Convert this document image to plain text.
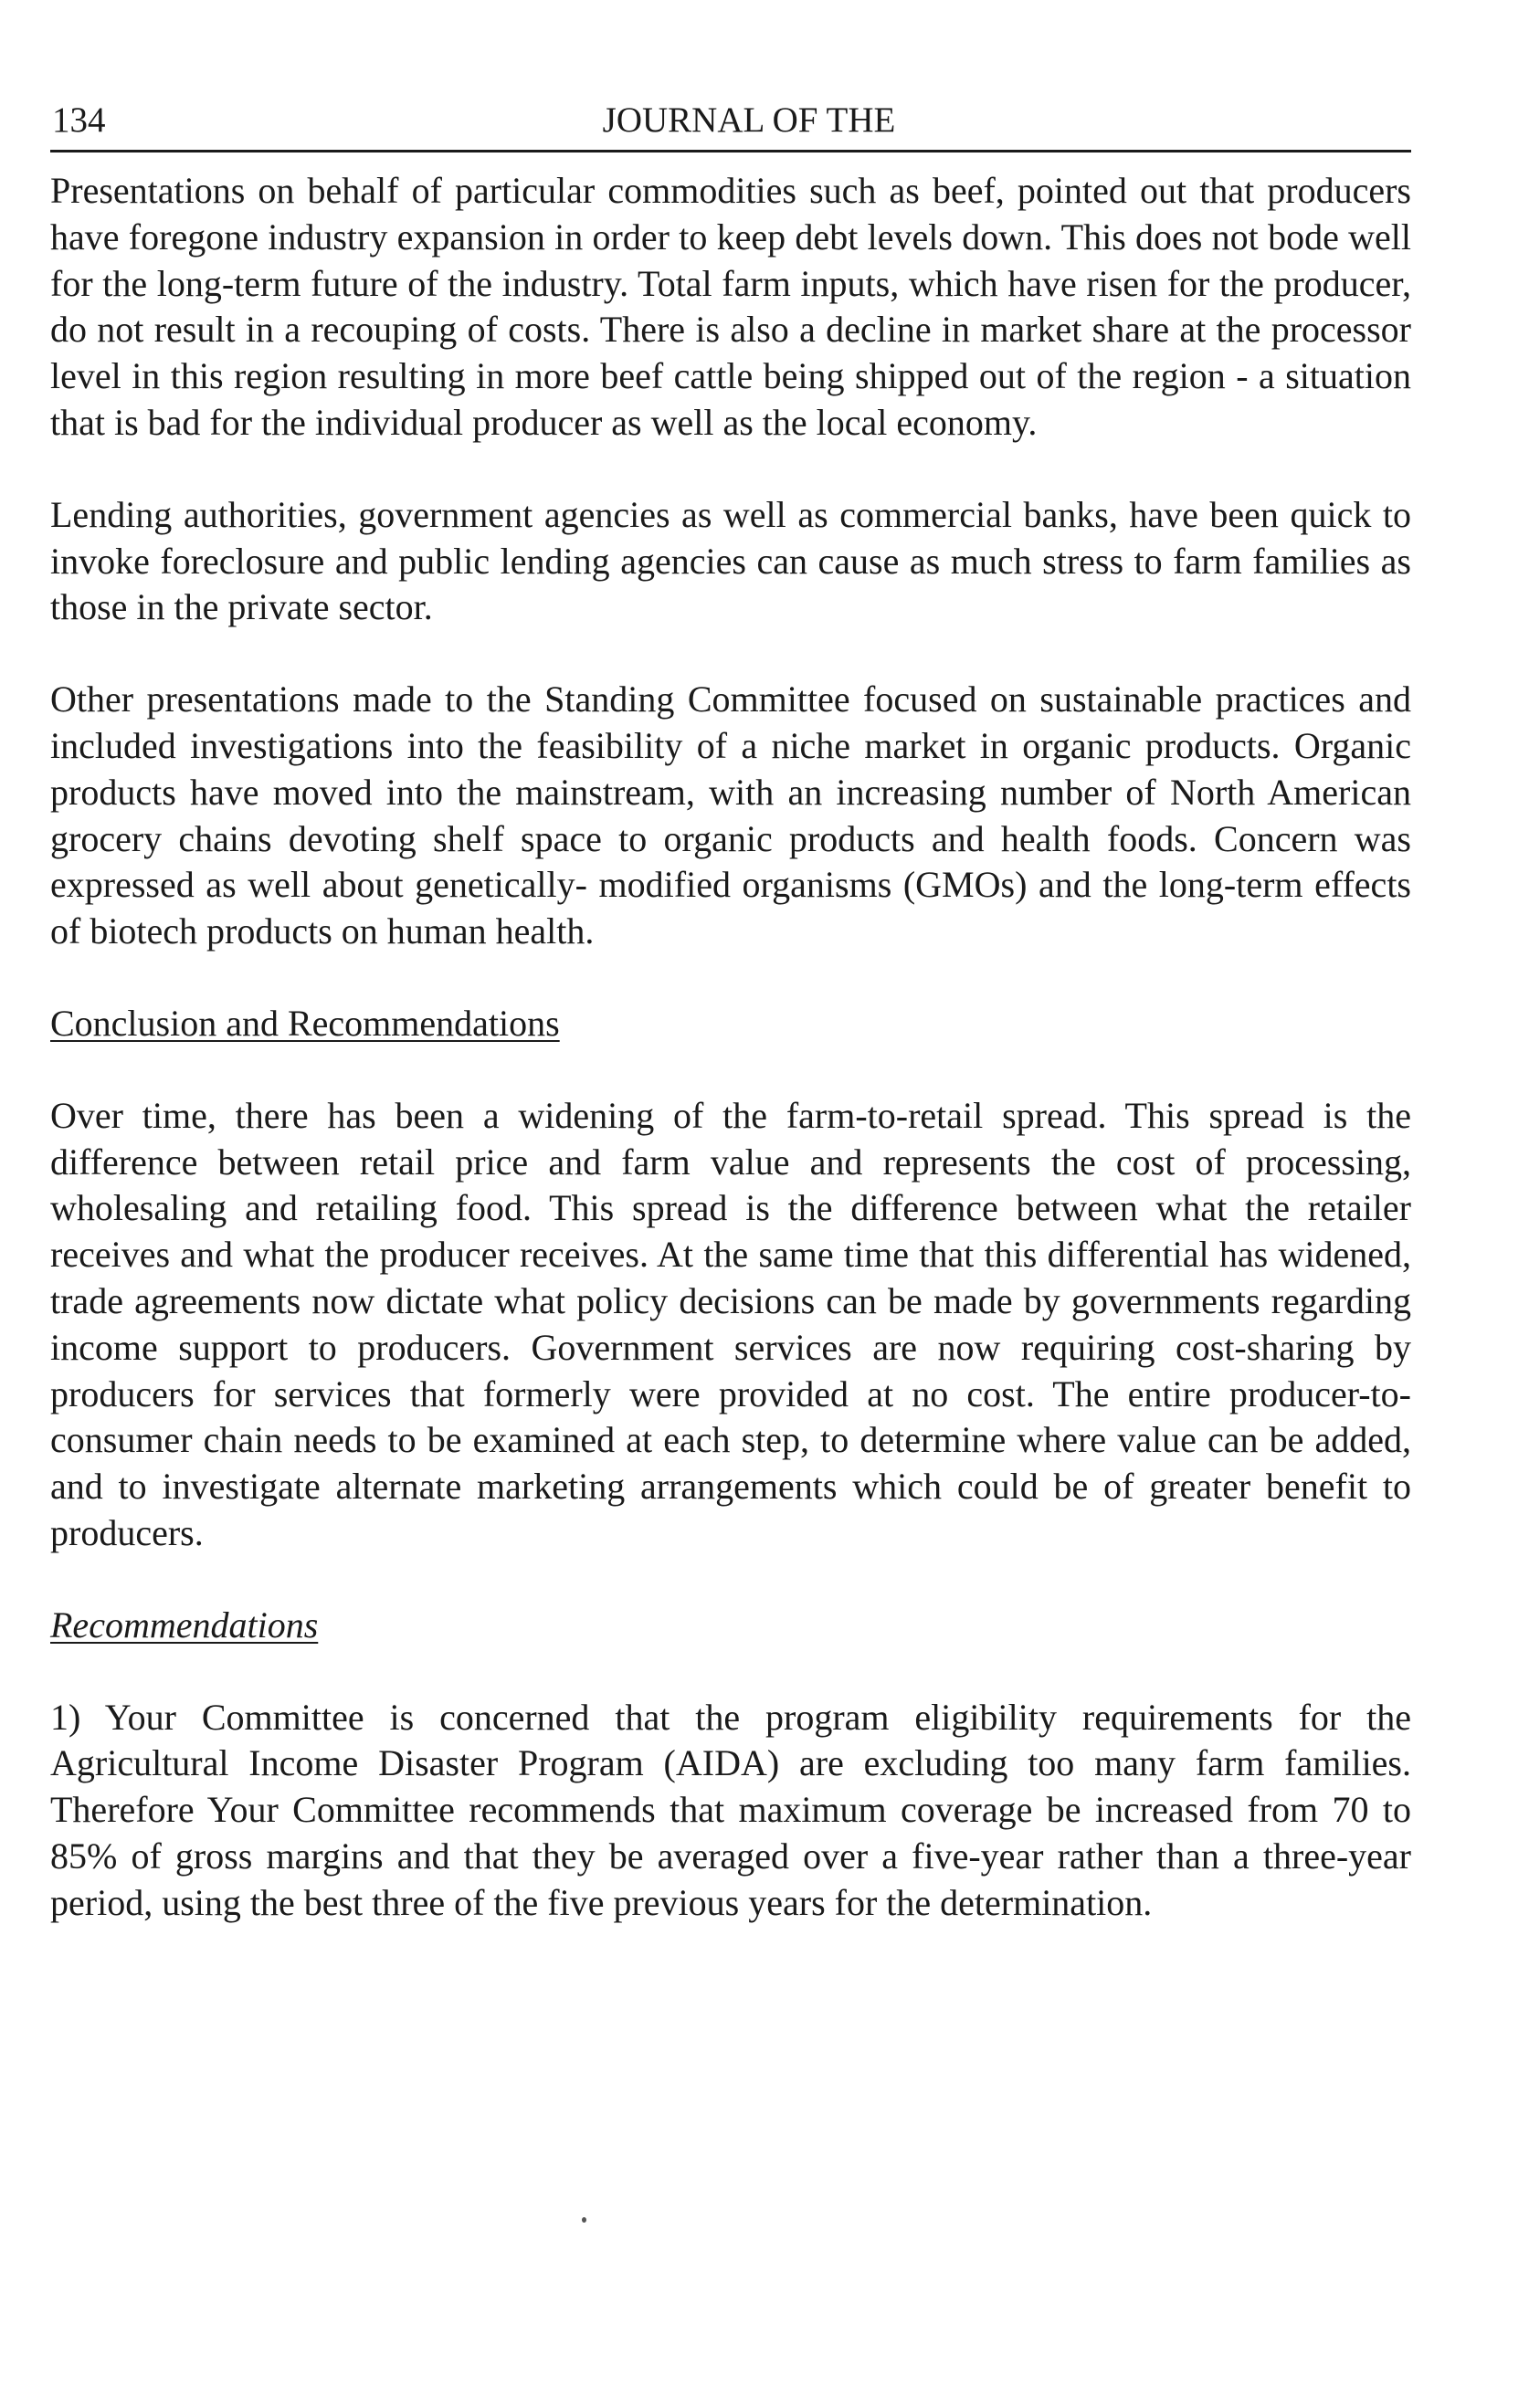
134	JOURNAL OF THE

Presentations on behalf of particular commodities such as beef, pointed out that producers have foregone industry expansion in order to keep debt levels down. This does not bode well for the long-term future of the industry. Total farm inputs, which have risen for the producer, do not result in a recouping of costs. There is also a decline in market share at the processor level in this region resulting in more beef cattle being shipped out of the region - a situation that is bad for the individual producer as well as the local economy.

Lending authorities, government agencies as well as commercial banks, have been quick to invoke foreclosure and public lending agencies can cause as much stress to farm families as those in the private sector.

Other presentations made to the Standing Committee focused on sustainable practices and included investigations into the feasibility of a niche market in organic products. Organic products have moved into the mainstream, with an increasing number of North American grocery chains devoting shelf space to organic products and health foods. Concern was expressed as well about genetically- modified organisms (GMOs) and the long-term effects of biotech products on human health.

Conclusion and Recommendations

Over time, there has been a widening of the farm-to-retail spread. This spread is the difference between retail price and farm value and represents the cost of processing, wholesaling and retailing food. This spread is the difference between what the retailer receives and what the producer receives. At the same time that this differential has widened, trade agreements now dictate what policy decisions can be made by governments regarding income support to producers. Government services are now requiring cost-sharing by producers for services that formerly were provided at no cost. The entire producer-to-consumer chain needs to be examined at each step, to determine where value can be added, and to investigate alternate marketing arrangements which could be of greater benefit to producers.

Recommendations

1) Your Committee is concerned that the program eligibility requirements for the Agricultural Income Disaster Program (AIDA) are excluding too many farm families. Therefore Your Committee recommends that maximum coverage be increased from 70 to 85% of gross margins and that they be averaged over a five-year rather than a three-year period, using the best three of the five previous years for the determination.
